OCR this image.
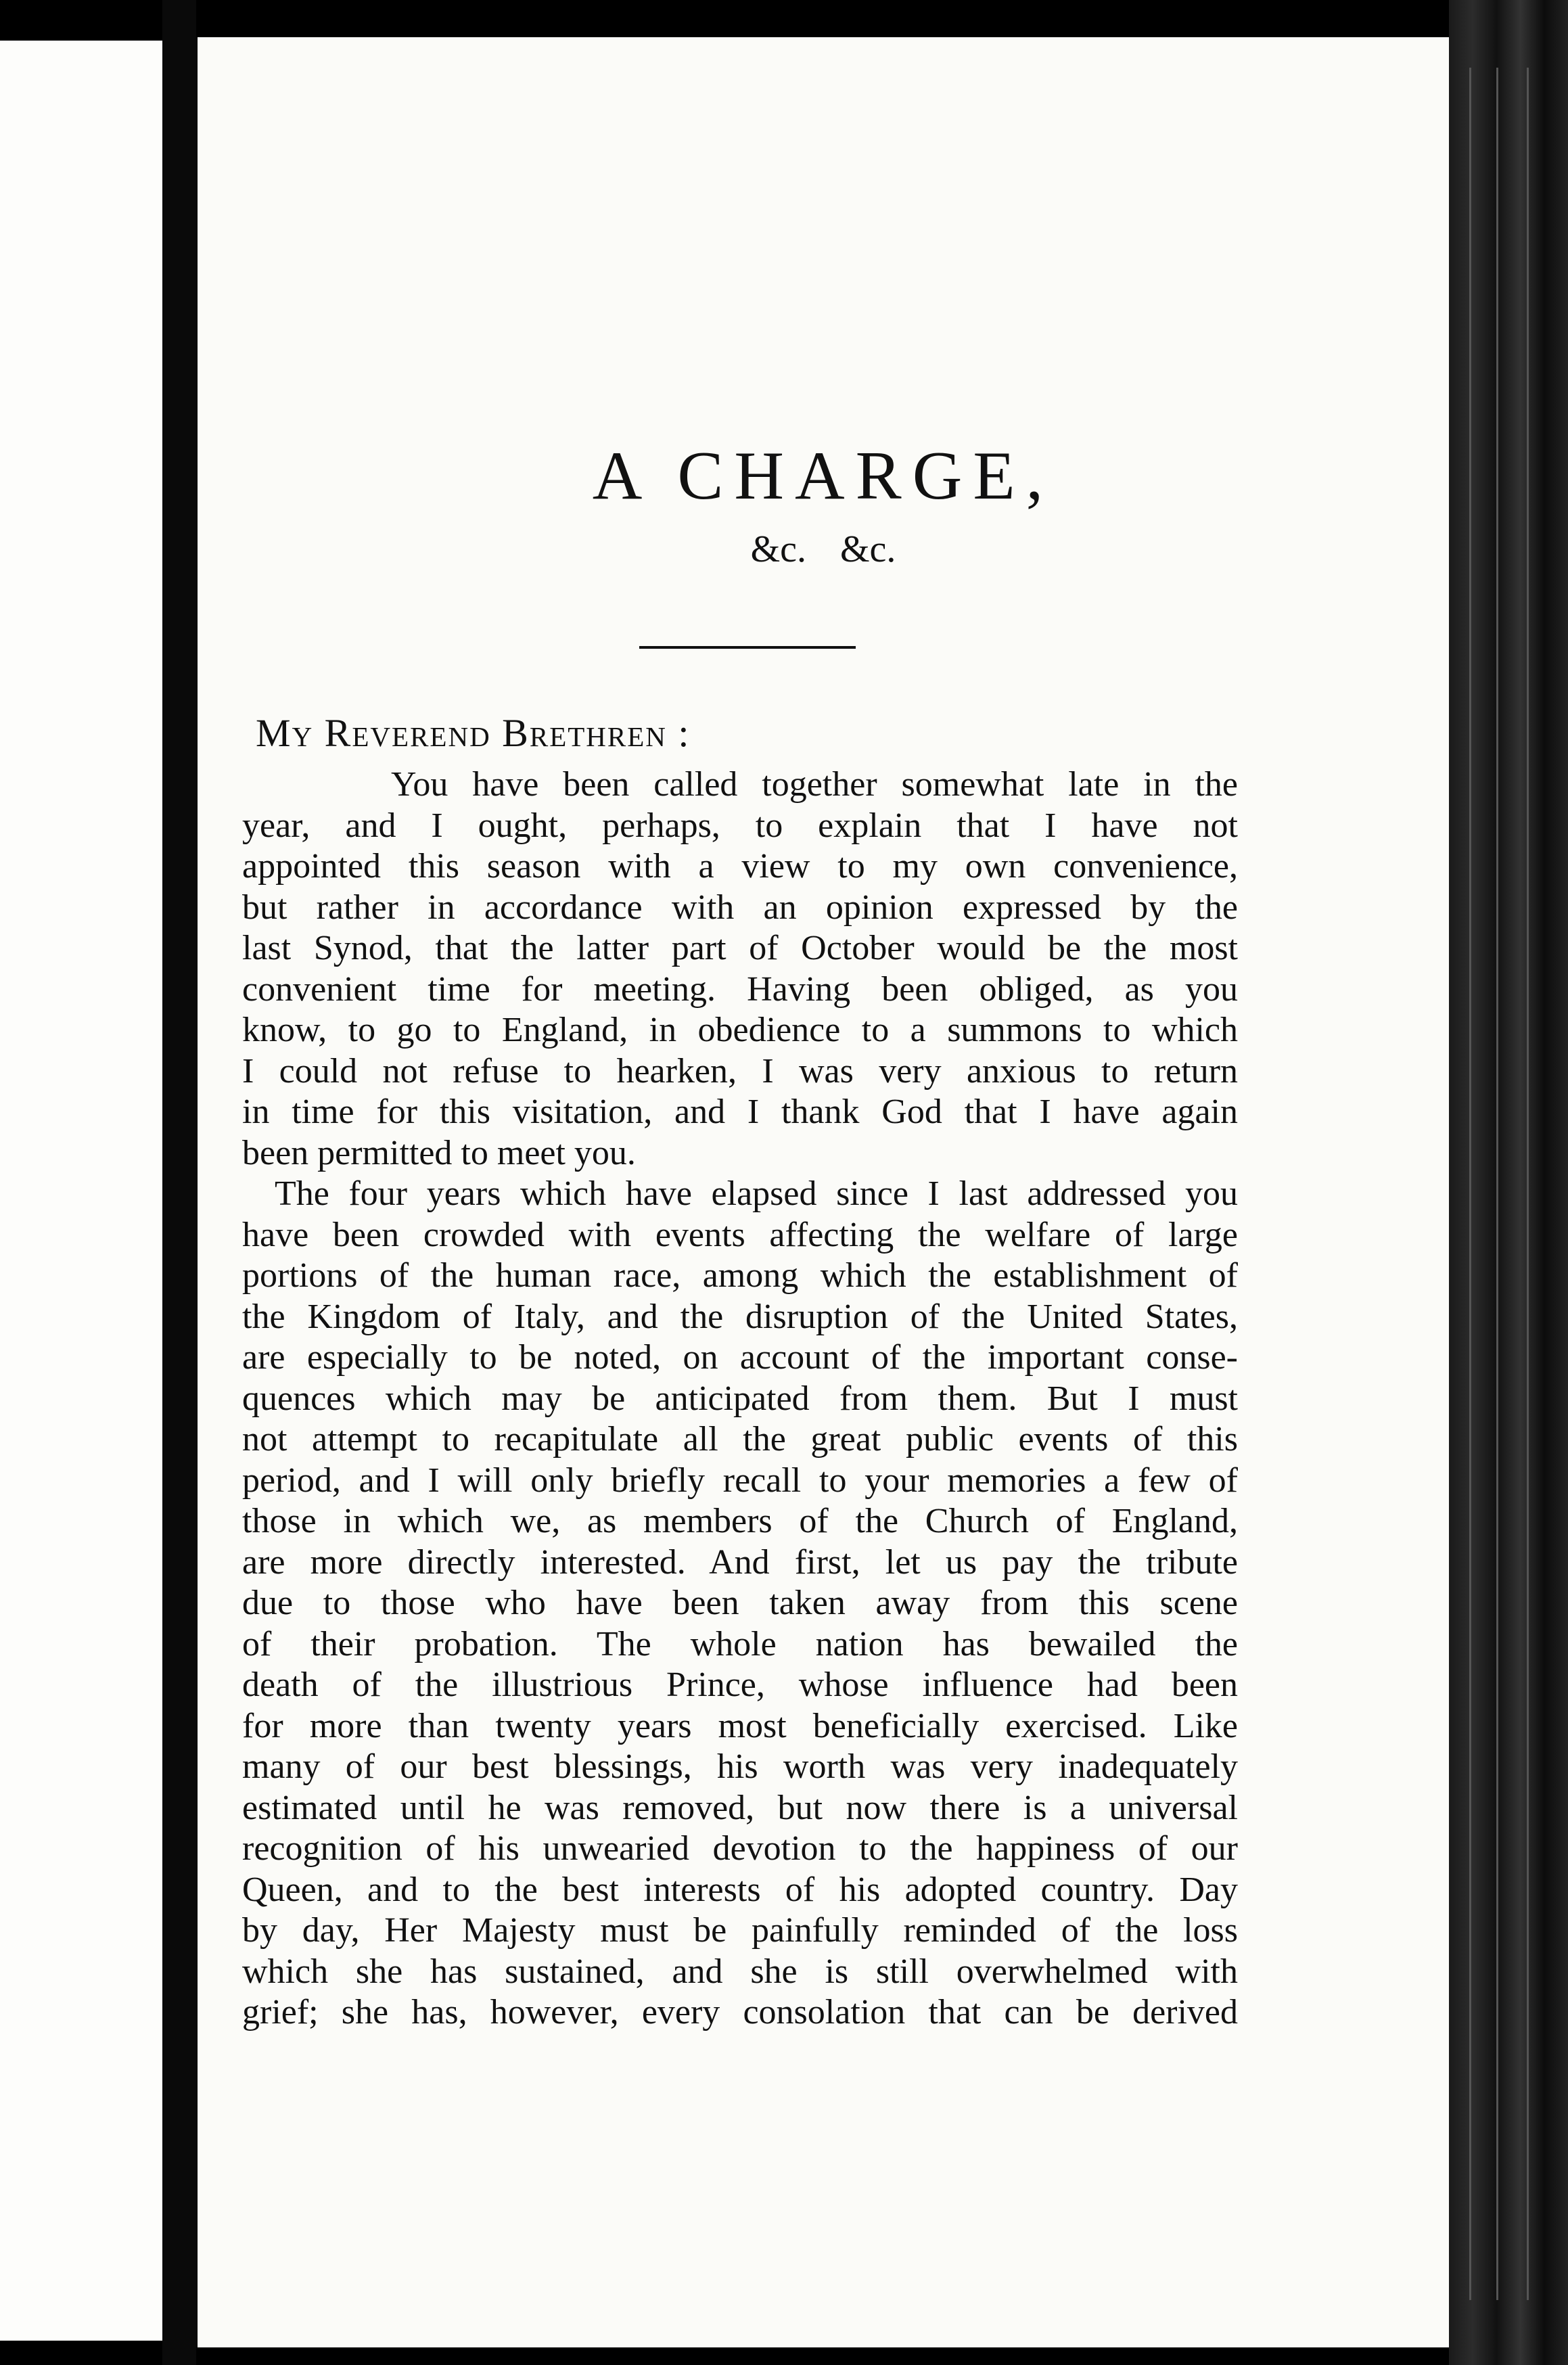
A CHARGE,
&c. &c.
My Reverend Brethren :
You have been called together somewhat late in the
year, and I ought, perhaps, to explain that I have not
appointed this season with a view to my own convenience,
but rather in accordance with an opinion expressed by the
last Synod, that the latter part of October would be the most
convenient time for meeting. Having been obliged, as you
know, to go to England, in obedience to a summons to which
I could not refuse to hearken, I was very anxious to return
in time for this visitation, and I thank God that I have again
been permitted to meet you.
The four years which have elapsed since I last addressed you
have been crowded with events affecting the welfare of large
portions of the human race, among which the establishment of
the Kingdom of Italy, and the disruption of the United States,
are especially to be noted, on account of the important conse-
quences which may be anticipated from them. But I must
not attempt to recapitulate all the great public events of this
period, and I will only briefly recall to your memories a few of
those in which we, as members of the Church of England,
are more directly interested. And first, let us pay the tribute
due to those who have been taken away from this scene
of their probation. The whole nation has bewailed the
death of the illustrious Prince, whose influence had been
for more than twenty years most beneficially exercised. Like
many of our best blessings, his worth was very inadequately
estimated until he was removed, but now there is a universal
recognition of his unwearied devotion to the happiness of our
Queen, and to the best interests of his adopted country. Day
by day, Her Majesty must be painfully reminded of the loss
which she has sustained, and she is still overwhelmed with
grief; she has, however, every consolation that can be derived
